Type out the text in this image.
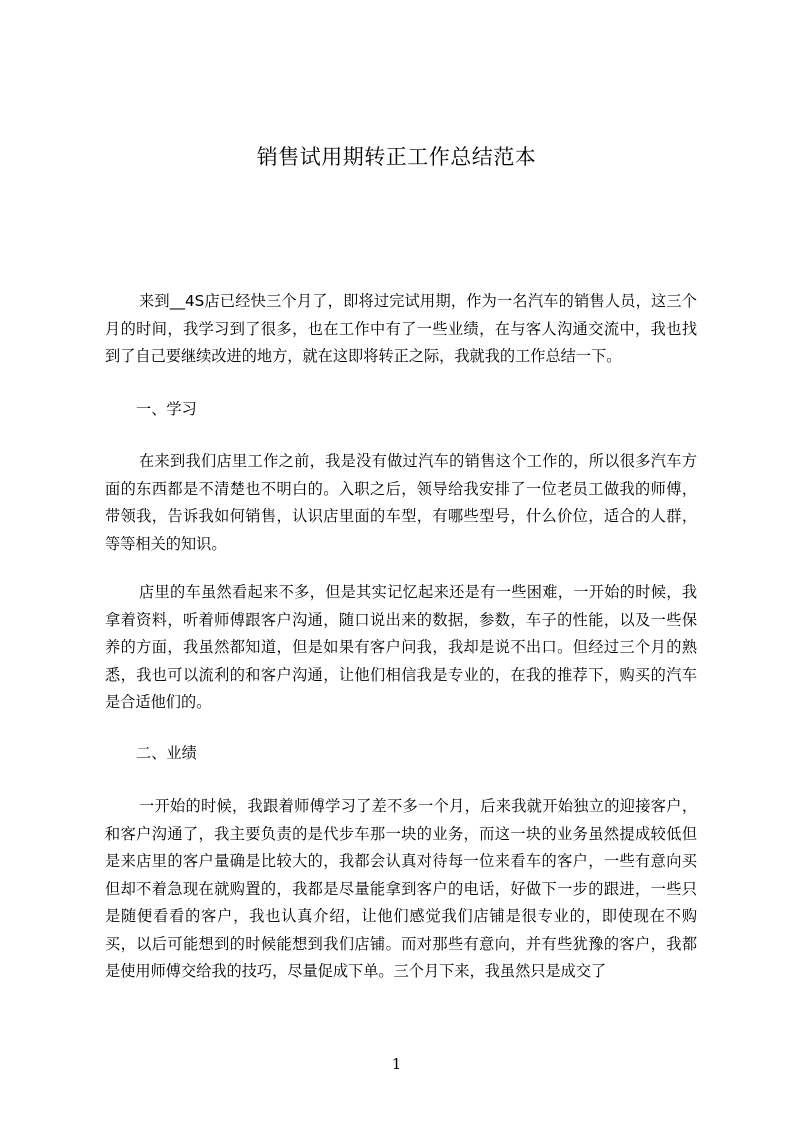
销售试用期转正工作总结范本

来到__4S店已经快三个月了，即将过完试用期，作为一名汽车的销售人员，这三个月的时间，我学习到了很多，也在工作中有了一些业绩，在与客人沟通交流中，我也找到了自己要继续改进的地方，就在这即将转正之际，我就我的工作总结一下。

一、学习

在来到我们店里工作之前，我是没有做过汽车的销售这个工作的，所以很多汽车方面的东西都是不清楚也不明白的。入职之后，领导给我安排了一位老员工做我的师傅，带领我，告诉我如何销售，认识店里面的车型，有哪些型号，什么价位，适合的人群，等等相关的知识。

店里的车虽然看起来不多，但是其实记忆起来还是有一些困难，一开始的时候，我拿着资料，听着师傅跟客户沟通，随口说出来的数据，参数，车子的性能，以及一些保养的方面，我虽然都知道，但是如果有客户问我，我却是说不出口。但经过三个月的熟悉，我也可以流利的和客户沟通，让他们相信我是专业的，在我的推荐下，购买的汽车是合适他们的。

二、业绩

一开始的时候，我跟着师傅学习了差不多一个月，后来我就开始独立的迎接客户，和客户沟通了，我主要负责的是代步车那一块的业务，而这一块的业务虽然提成较低但是来店里的客户量确是比较大的，我都会认真对待每一位来看车的客户，一些有意向买但却不着急现在就购置的，我都是尽量能拿到客户的电话，好做下一步的跟进，一些只是随便看看的客户，我也认真介绍，让他们感觉我们店铺是很专业的，即使现在不购买，以后可能想到的时候能想到我们店铺。而对那些有意向，并有些犹豫的客户，我都是使用师傅交给我的技巧，尽量促成下单。三个月下来，我虽然只是成交了

1
